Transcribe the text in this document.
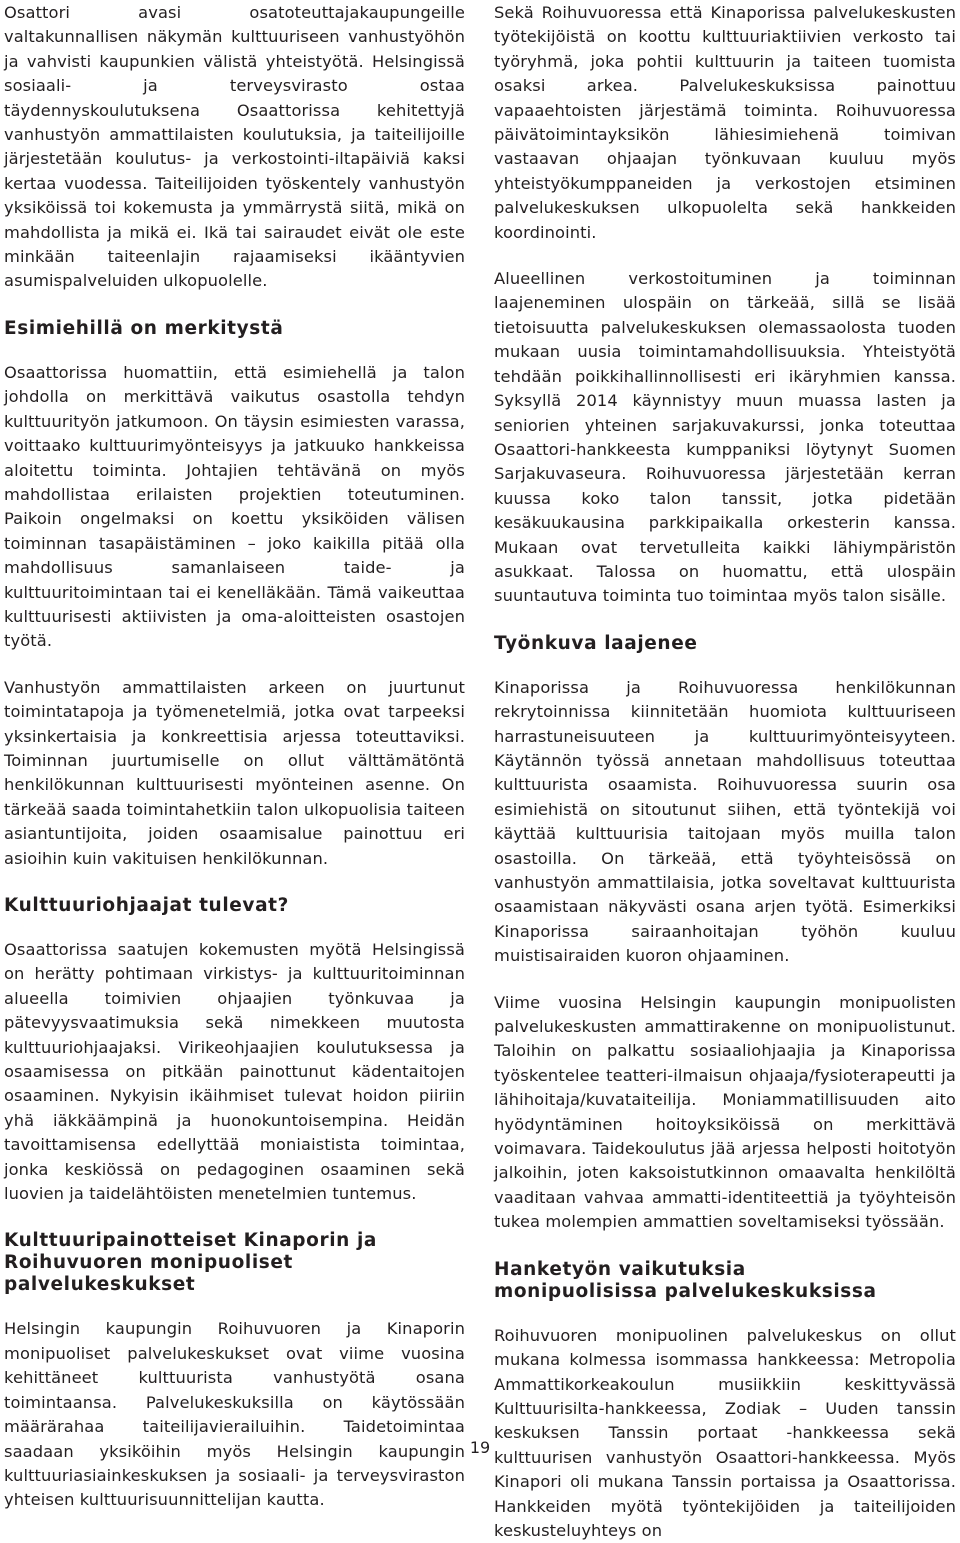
Osattori avasi osatoteuttajakaupungeille valtakunnallisen näkymän kulttuuriseen vanhustyöhön ja vahvisti kaupunkien välistä yhteistyötä. Helsingissä sosiaali- ja terveysvirasto ostaa täydennyskoulutuksena Osaattorissa kehitettyjä vanhustyön ammattilaisten koulutuksia, ja taiteilijoille järjestetään koulutus- ja verkostointi-iltapäiviä kaksi kertaa vuodessa. Taiteilijoiden työskentely vanhustyön yksiköissä toi kokemusta ja ymmärrystä siitä, mikä on mahdollista ja mikä ei. Ikä tai sairaudet eivät ole este minkään taiteenlajin rajaamiseksi ikääntyvien asumispalveluiden ulkopuolelle.

Esimiehillä on merkitystä

Osaattorissa huomattiin, että esimiehellä ja talon johdolla on merkittävä vaikutus osastolla tehdyn kulttuurityön jatkumoon. On täysin esimiesten varassa, voittaako kulttuurimyönteisyys ja jatkuuko hankkeissa aloitettu toiminta. Johtajien tehtävänä on myös mahdollistaa erilaisten projektien toteutuminen. Paikoin ongelmaksi on koettu yksiköiden välisen toiminnan tasapäistäminen – joko kaikilla pitää olla mahdollisuus samanlaiseen taide- ja kulttuuritoimintaan tai ei kenelläkään. Tämä vaikeuttaa kulttuurisesti aktiivisten ja oma-aloitteisten osastojen työtä.

Vanhustyön ammattilaisten arkeen on juurtunut toimintatapoja ja työmenetelmiä, jotka ovat tarpeeksi yksinkertaisia ja konkreettisia arjessa toteuttaviksi. Toiminnan juurtumiselle on ollut välttämätöntä henkilökunnan kulttuurisesti myönteinen asenne. On tärkeää saada toimintahetkiin talon ulkopuolisia taiteen asiantuntijoita, joiden osaamisalue painottuu eri asioihin kuin vakituisen henkilökunnan.

Kulttuuriohjaajat tulevat?

Osaattorissa saatujen kokemusten myötä Helsingissä on herätty pohtimaan virkistys- ja kulttuuritoiminnan alueella toimivien ohjaajien työnkuvaa ja pätevyysvaatimuksia sekä nimekkeen muutosta kulttuuriohjaajaksi. Virikeohjaajien koulutuksessa ja osaamisessa on pitkään painottunut kädentaitojen osaaminen. Nykyisin ikäihmiset tulevat hoidon piiriin yhä iäkkäämpinä ja huonokuntoisempina. Heidän tavoittamisensa edellyttää moniaistista toimintaa, jonka keskiössä on pedagoginen osaaminen sekä luovien ja taidelähtöisten menetelmien tuntemus.

Kulttuuripainotteiset Kinaporin ja Roihuvuoren monipuoliset palvelukeskukset

Helsingin kaupungin Roihuvuoren ja Kinaporin monipuoliset palvelukeskukset ovat viime vuosina kehittäneet kulttuurista vanhustyötä osana toimintaansa. Palvelukeskuksilla on käytössään määrärahaa taiteilijavierailuihin. Taidetoimintaa saadaan yksiköihin myös Helsingin kaupungin kulttuuriasiainkeskuksen ja sosiaali- ja terveysviraston yhteisen kulttuurisuunnittelijan kautta.

Sekä Roihuvuoressa että Kinaporissa palvelukeskusten työtekijöistä on koottu kulttuuriaktiivien verkosto tai työryhmä, joka pohtii kulttuurin ja taiteen tuomista osaksi arkea. Palvelukeskuksissa painottuu vapaaehtoisten järjestämä toiminta. Roihuvuoressa päivätoimintayksikön lähiesimiehenä toimivan vastaavan ohjaajan työnkuvaan kuuluu myös yhteistyökumppaneiden ja verkostojen etsiminen palvelukeskuksen ulkopuolelta sekä hankkeiden koordinointi.

Alueellinen verkostoituminen ja toiminnan laajeneminen ulospäin on tärkeää, sillä se lisää tietoisuutta palvelukeskuksen olemassaolosta tuoden mukaan uusia toimintamahdollisuuksia. Yhteistyötä tehdään poikkihallinnollisesti eri ikäryhmien kanssa. Syksyllä 2014 käynnistyy muun muassa lasten ja seniorien yhteinen sarjakuvakurssi, jonka toteuttaa Osaattori-hankkeesta kumppaniksi löytynyt Suomen Sarjakuvaseura. Roihuvuoressa järjestetään kerran kuussa koko talon tanssit, jotka pidetään kesäkuukausina parkkipaikalla orkesterin kanssa. Mukaan ovat tervetulleita kaikki lähiympäristön asukkaat. Talossa on huomattu, että ulospäin suuntautuva toiminta tuo toimintaa myös talon sisälle.

Työnkuva laajenee

Kinaporissa ja Roihuvuoressa henkilökunnan rekrytoinnissa kiinnitetään huomiota kulttuuriseen harrastuneisuuteen ja kulttuurimyönteisyyteen. Käytännön työssä annetaan mahdollisuus toteuttaa kulttuurista osaamista. Roihuvuoressa suurin osa esimiehistä on sitoutunut siihen, että työntekijä voi käyttää kulttuurisia taitojaan myös muilla talon osastoilla. On tärkeää, että työyhteisössä on vanhustyön ammattilaisia, jotka soveltavat kulttuurista osaamistaan näkyvästi osana arjen työtä. Esimerkiksi Kinaporissa sairaanhoitajan työhön kuuluu muistisairaiden kuoron ohjaaminen.

Viime vuosina Helsingin kaupungin monipuolisten palvelukeskusten ammattirakenne on monipuolistunut. Taloihin on palkattu sosiaaliohjaajia ja Kinaporissa työskentelee teatteri-ilmaisun ohjaaja/fysioterapeutti ja lähihoitaja/kuvataiteilija. Moniammatillisuuden aito hyödyntäminen hoitoyksiköissä on merkittävä voimavara. Taidekoulutus jää arjessa helposti hoitotyön jalkoihin, joten kaksoistutkinnon omaavalta henkilöltä vaaditaan vahvaa ammatti-identiteettiä ja työyhteisön tukea molempien ammattien soveltamiseksi työssään.

Hanketyön vaikutuksia monipuolisissa palvelukeskuksissa

Roihuvuoren monipuolinen palvelukeskus on ollut mukana kolmessa isommassa hankkeessa: Metropolia Ammattikorkeakoulun musiikkiin keskittyvässä Kulttuurisilta-hankkeessa, Zodiak – Uuden tanssin keskuksen Tanssin portaat -hankkeessa sekä kulttuurisen vanhustyön Osaattori-hankkeessa. Myös Kinapori oli mukana Tanssin portaissa ja Osaattorissa. Hankkeiden myötä työntekijöiden ja taiteilijoiden keskusteluyhteys on

19
